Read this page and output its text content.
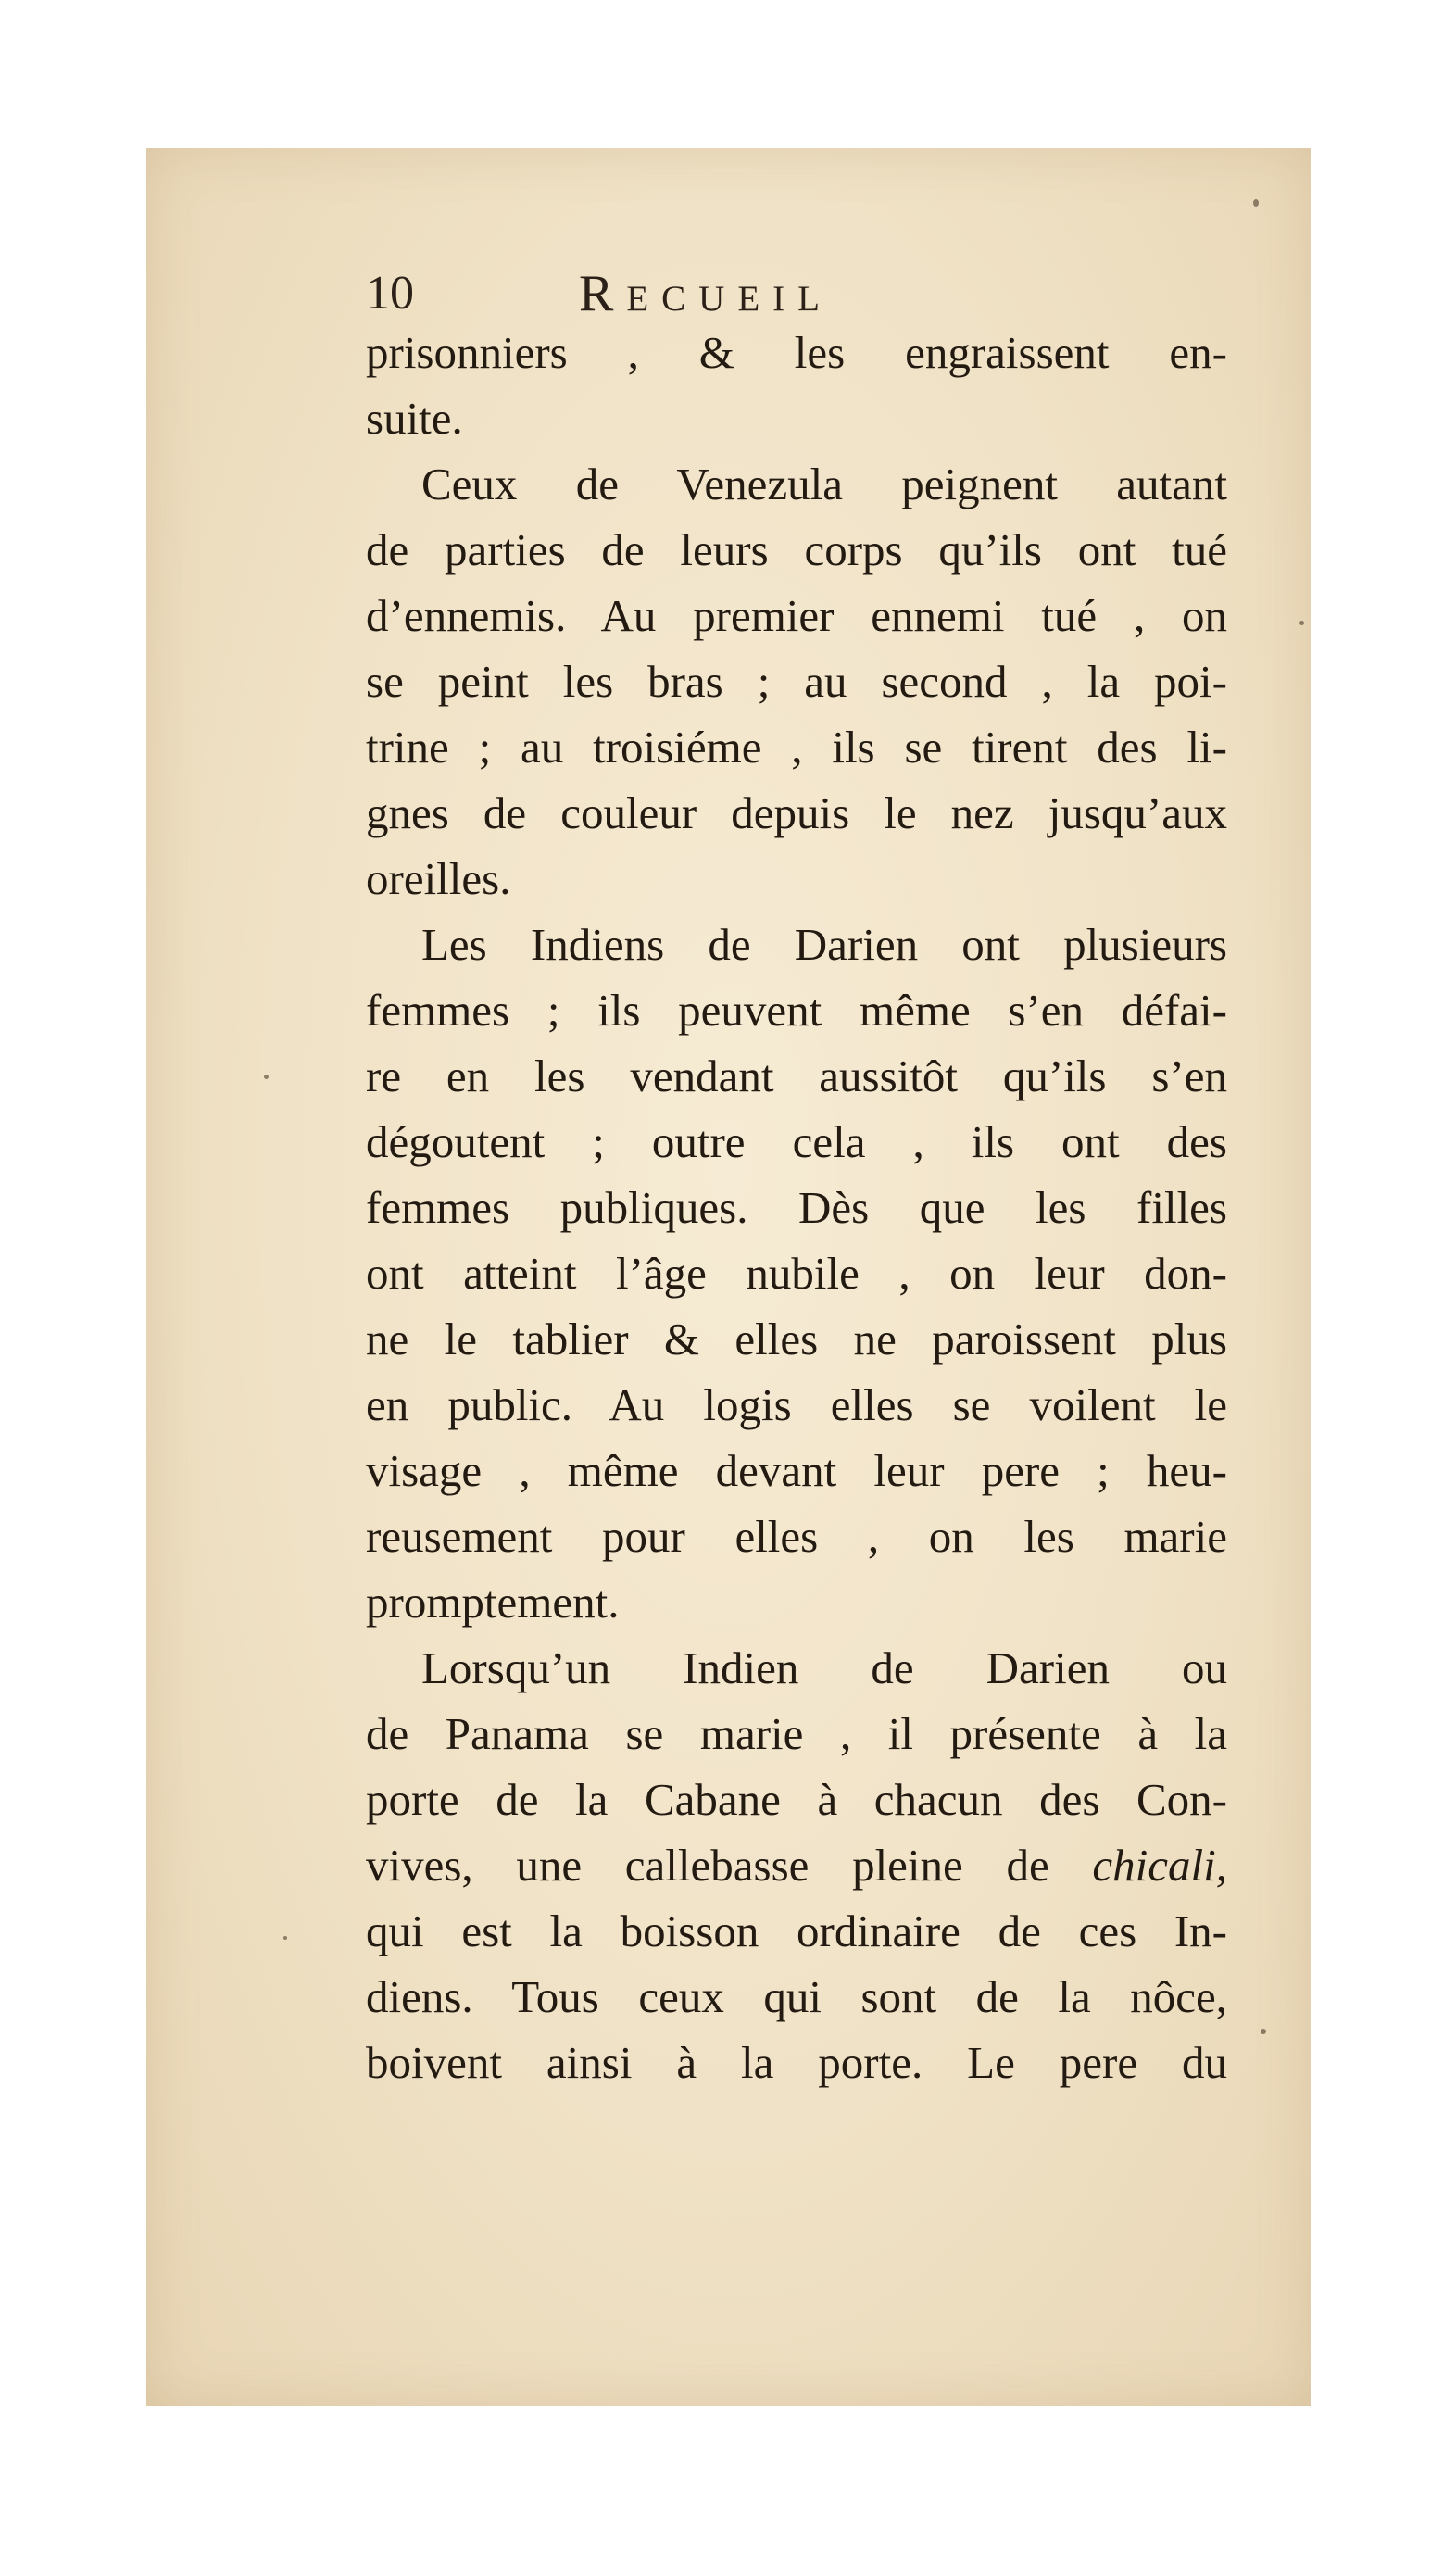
10	Recueil
prisonniers , & les engraissent en-
suite.
Ceux de Venezula peignent autant
de parties de leurs corps qu’ils ont tué
d’ennemis. Au premier ennemi tué , on
se peint les bras ; au second , la poi-
trine ; au troisiéme , ils se tirent des li-
gnes de couleur depuis le nez jusqu’aux
oreilles.
Les Indiens de Darien ont plusieurs
femmes ; ils peuvent même s’en défai-
re en les vendant aussitôt qu’ils s’en
dégoutent ; outre cela , ils ont des
femmes publiques. Dès que les filles
ont atteint l’âge nubile , on leur don-
ne le tablier & elles ne paroissent plus
en public. Au logis elles se voilent le
visage , même devant leur pere ; heu-
reusement pour elles , on les marie
promptement.
Lorsqu’un Indien de Darien ou
de Panama se marie , il présente à la
porte de la Cabane à chacun des Con-
vives, une callebasse pleine de chicali,
qui est la boisson ordinaire de ces In-
diens. Tous ceux qui sont de la nôce,
boivent ainsi à la porte. Le pere du
